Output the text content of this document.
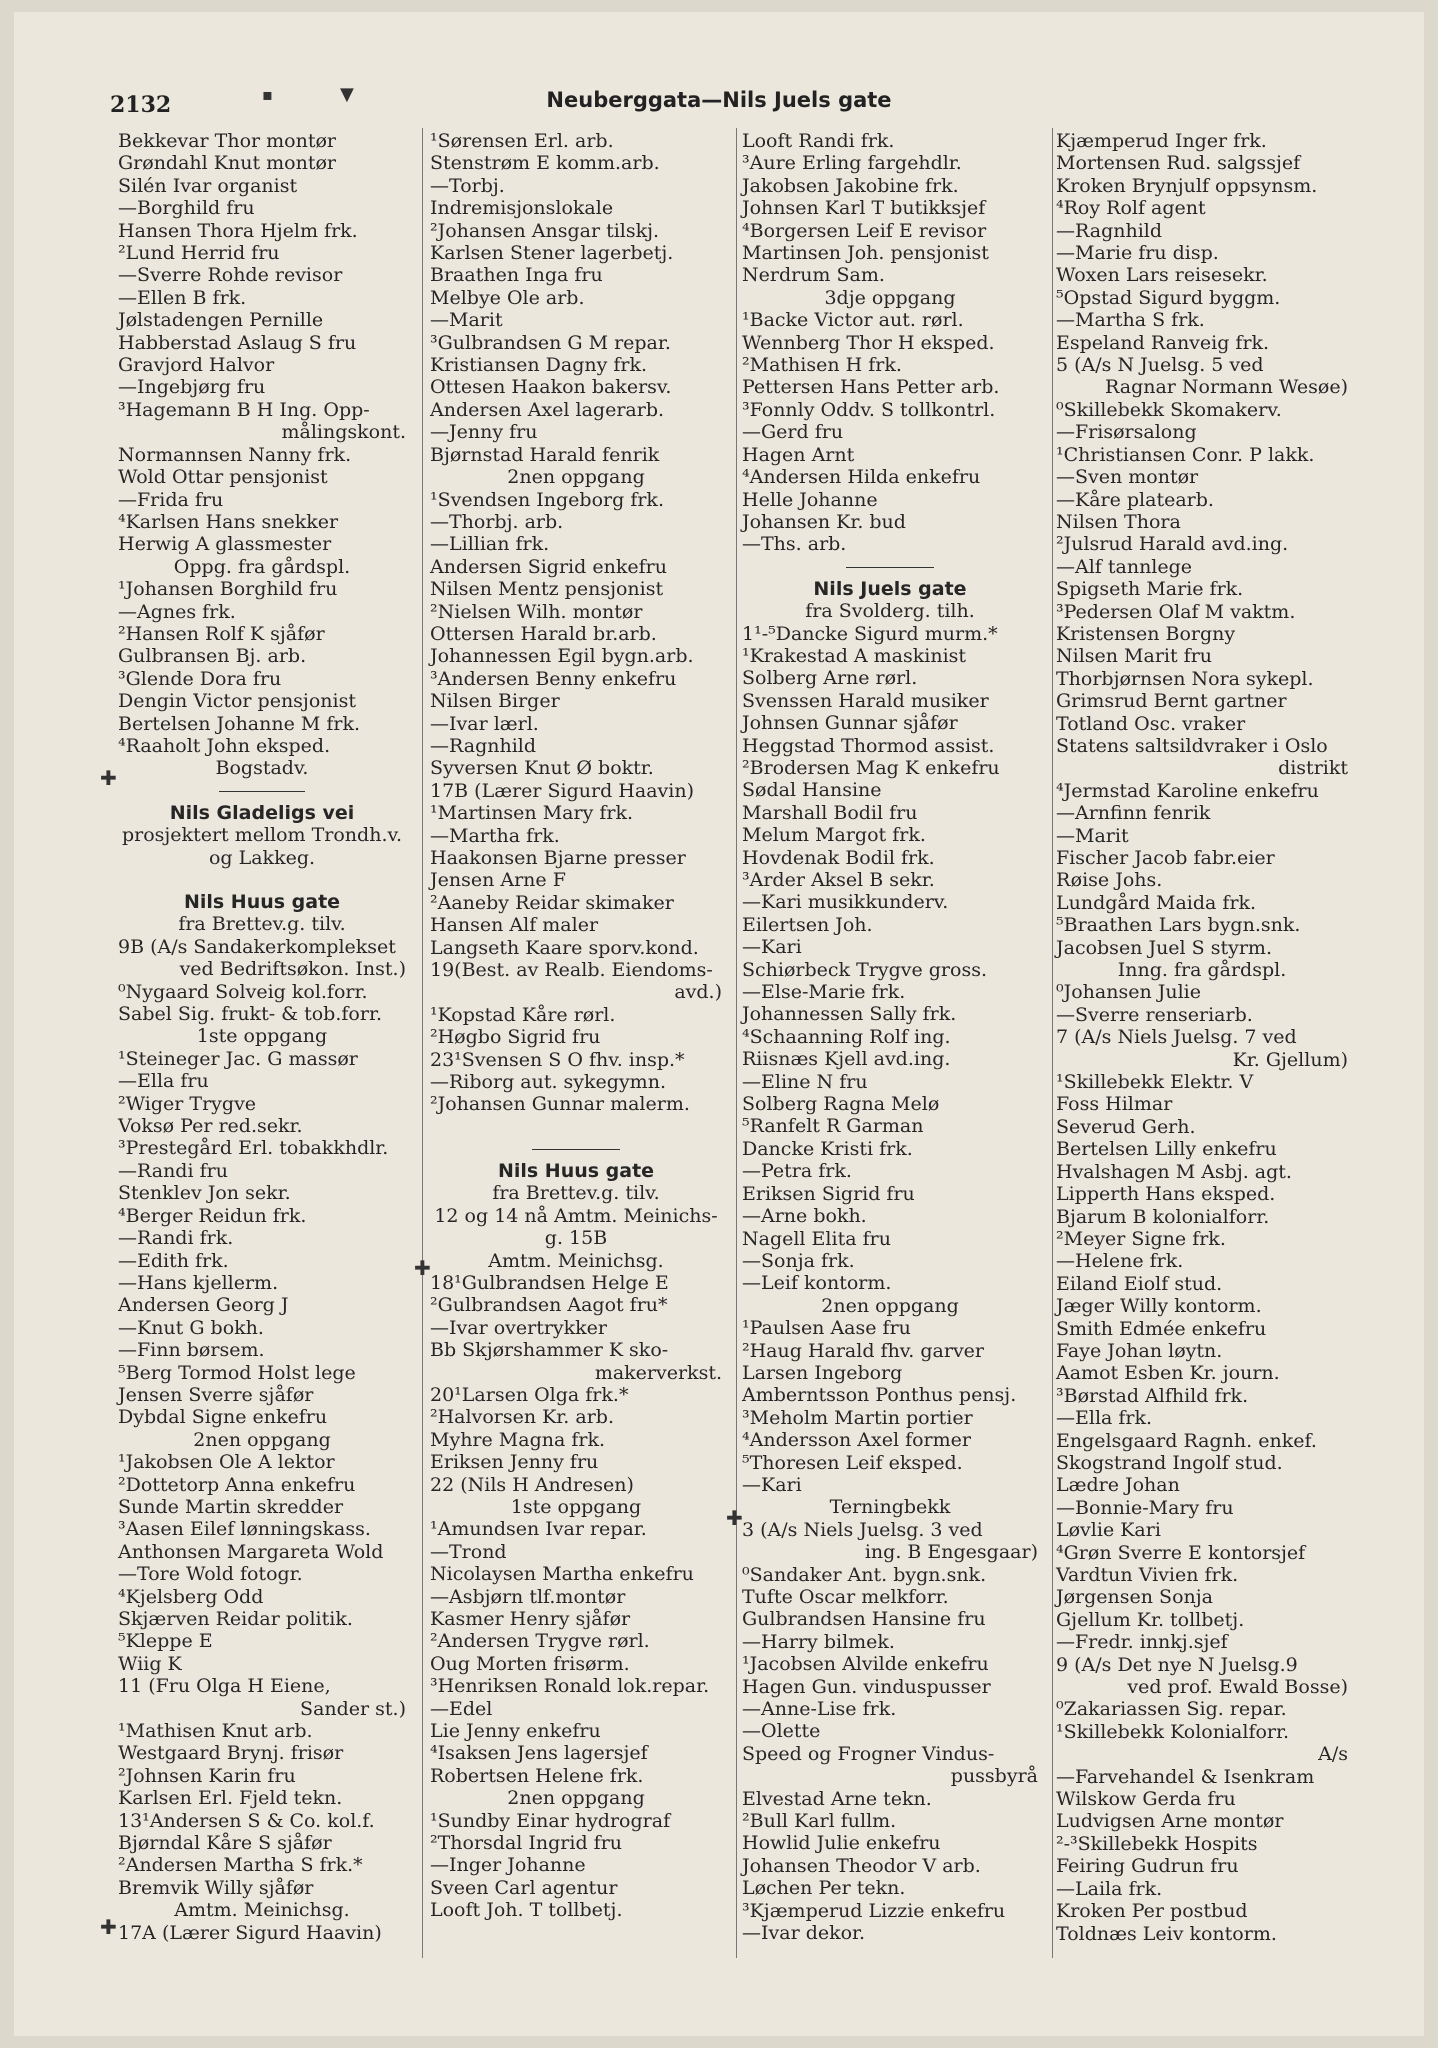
2132	Neuberggata—Nils Juels gate
✚
✚
✚
✚
▪	▼
Bekkevar Thor montør
Grøndahl Knut montør
Silén Ivar organist
—Borghild fru
Hansen Thora Hjelm frk.
²Lund Herrid fru
—Sverre Rohde revisor
—Ellen B frk.
Jølstadengen Pernille
Habberstad Aslaug S fru
Gravjord Halvor
—Ingebjørg fru
³Hagemann B H Ing. Opp-
målingskont.
Normannsen Nanny frk.
Wold Ottar pensjonist
—Frida fru
⁴Karlsen Hans snekker
Herwig A glassmester
Oppg. fra gårdspl.
¹Johansen Borghild fru
—Agnes frk.
²Hansen Rolf K sjåfør
Gulbransen Bj. arb.
³Glende Dora fru
Dengin Victor pensjonist
Bertelsen Johanne M frk.
⁴Raaholt John eksped.
Bogstadv.
Nils Gladeligs vei
prosjektert mellom Trondh.v.
og Lakkeg.
Nils Huus gate
fra Brettev.g. tilv.
9B (A/s Sandakerkomplekset
ved Bedriftsøkon. Inst.)
⁰Nygaard Solveig kol.forr.
Sabel Sig. frukt- & tob.forr.
1ste oppgang
¹Steineger Jac. G massør
—Ella fru
²Wiger Trygve
Voksø Per red.sekr.
³Prestegård Erl. tobakkhdlr.
—Randi fru
Stenklev Jon sekr.
⁴Berger Reidun frk.
—Randi frk.
—Edith frk.
—Hans kjellerm.
Andersen Georg J
—Knut G bokh.
—Finn børsem.
⁵Berg Tormod Holst lege
Jensen Sverre sjåfør
Dybdal Signe enkefru
2nen oppgang
¹Jakobsen Ole A lektor
²Dottetorp Anna enkefru
Sunde Martin skredder
³Aasen Eilef lønningskass.
Anthonsen Margareta Wold
—Tore Wold fotogr.
⁴Kjelsberg Odd
Skjærven Reidar politik.
⁵Kleppe E
Wiig K
11 (Fru Olga H Eiene,
Sander st.)
¹Mathisen Knut arb.
Westgaard Brynj. frisør
²Johnsen Karin fru
Karlsen Erl. Fjeld tekn.
13¹Andersen S & Co. kol.f.
Bjørndal Kåre S sjåfør
²Andersen Martha S frk.*
Bremvik Willy sjåfør
Amtm. Meinichsg.
17A (Lærer Sigurd Haavin)
¹Sørensen Erl. arb.
Stenstrøm E komm.arb.
—Torbj.
Indremisjonslokale
²Johansen Ansgar tilskj.
Karlsen Stener lagerbetj.
Braathen Inga fru
Melbye Ole arb.
—Marit
³Gulbrandsen G M repar.
Kristiansen Dagny frk.
Ottesen Haakon bakersv.
Andersen Axel lagerarb.
—Jenny fru
Bjørnstad Harald fenrik
2nen oppgang
¹Svendsen Ingeborg frk.
—Thorbj. arb.
—Lillian frk.
Andersen Sigrid enkefru
Nilsen Mentz pensjonist
²Nielsen Wilh. montør
Ottersen Harald br.arb.
Johannessen Egil bygn.arb.
³Andersen Benny enkefru
Nilsen Birger
—Ivar lærl.
—Ragnhild
Syversen Knut Ø boktr.
17B (Lærer Sigurd Haavin)
¹Martinsen Mary frk.
—Martha frk.
Haakonsen Bjarne presser
Jensen Arne F
²Aaneby Reidar skimaker
Hansen Alf maler
Langseth Kaare sporv.kond.
19(Best. av Realb. Eiendoms-
avd.)
¹Kopstad Kåre rørl.
²Høgbo Sigrid fru
23¹Svensen S O fhv. insp.*
—Riborg aut. sykegymn.
²Johansen Gunnar malerm.
Nils Huus gate
fra Brettev.g. tilv.
12 og 14 nå Amtm. Meinichs-
g. 15B
Amtm. Meinichsg.
18¹Gulbrandsen Helge E
²Gulbrandsen Aagot fru*
—Ivar overtrykker
Bb Skjørshammer K sko-
makerverkst.
20¹Larsen Olga frk.*
²Halvorsen Kr. arb.
Myhre Magna frk.
Eriksen Jenny fru
22 (Nils H Andresen)
1ste oppgang
¹Amundsen Ivar repar.
—Trond
Nicolaysen Martha enkefru
—Asbjørn tlf.montør
Kasmer Henry sjåfør
²Andersen Trygve rørl.
Oug Morten frisørm.
³Henriksen Ronald lok.repar.
—Edel
Lie Jenny enkefru
⁴Isaksen Jens lagersjef
Robertsen Helene frk.
2nen oppgang
¹Sundby Einar hydrograf
²Thorsdal Ingrid fru
—Inger Johanne
Sveen Carl agentur
Looft Joh. T tollbetj.
Looft Randi frk.
³Aure Erling fargehdlr.
Jakobsen Jakobine frk.
Johnsen Karl T butikksjef
⁴Borgersen Leif E revisor
Martinsen Joh. pensjonist
Nerdrum Sam.
3dje oppgang
¹Backe Victor aut. rørl.
Wennberg Thor H eksped.
²Mathisen H frk.
Pettersen Hans Petter arb.
³Fonnly Oddv. S tollkontrl.
—Gerd fru
Hagen Arnt
⁴Andersen Hilda enkefru
Helle Johanne
Johansen Kr. bud
—Ths. arb.
Nils Juels gate
fra Svolderg. tilh.
1¹-⁵Dancke Sigurd murm.*
¹Krakestad A maskinist
Solberg Arne rørl.
Svenssen Harald musiker
Johnsen Gunnar sjåfør
Heggstad Thormod assist.
²Brodersen Mag K enkefru
Sødal Hansine
Marshall Bodil fru
Melum Margot frk.
Hovdenak Bodil frk.
³Arder Aksel B sekr.
—Kari musikkunderv.
Eilertsen Joh.
—Kari
Schiørbeck Trygve gross.
—Else-Marie frk.
Johannessen Sally frk.
⁴Schaanning Rolf ing.
Riisnæs Kjell avd.ing.
—Eline N fru
Solberg Ragna Melø
⁵Ranfelt R Garman
Dancke Kristi frk.
—Petra frk.
Eriksen Sigrid fru
—Arne bokh.
Nagell Elita fru
—Sonja frk.
—Leif kontorm.
2nen oppgang
¹Paulsen Aase fru
²Haug Harald fhv. garver
Larsen Ingeborg
Amberntsson Ponthus pensj.
³Meholm Martin portier
⁴Andersson Axel former
⁵Thoresen Leif eksped.
—Kari
Terningbekk
3 (A/s Niels Juelsg. 3 ved
ing. B Engesgaar)
⁰Sandaker Ant. bygn.snk.
Tufte Oscar melkforr.
Gulbrandsen Hansine fru
—Harry bilmek.
¹Jacobsen Alvilde enkefru
Hagen Gun. vinduspusser
—Anne-Lise frk.
—Olette
Speed og Frogner Vindus-
pussbyrå
Elvestad Arne tekn.
²Bull Karl fullm.
Howlid Julie enkefru
Johansen Theodor V arb.
Løchen Per tekn.
³Kjæmperud Lizzie enkefru
—Ivar dekor.
Kjæmperud Inger frk.
Mortensen Rud. salgssjef
Kroken Brynjulf oppsynsm.
⁴Roy Rolf agent
—Ragnhild
—Marie fru disp.
Woxen Lars reisesekr.
⁵Opstad Sigurd byggm.
—Martha S frk.
Espeland Ranveig frk.
5 (A/s N Juelsg. 5 ved
Ragnar Normann Wesøe)
⁰Skillebekk Skomakerv.
—Frisørsalong
¹Christiansen Conr. P lakk.
—Sven montør
—Kåre platearb.
Nilsen Thora
²Julsrud Harald avd.ing.
—Alf tannlege
Spigseth Marie frk.
³Pedersen Olaf M vaktm.
Kristensen Borgny
Nilsen Marit fru
Thorbjørnsen Nora sykepl.
Grimsrud Bernt gartner
Totland Osc. vraker
Statens saltsildvraker i Oslo
distrikt
⁴Jermstad Karoline enkefru
—Arnfinn fenrik
—Marit
Fischer Jacob fabr.eier
Røise Johs.
Lundgård Maida frk.
⁵Braathen Lars bygn.snk.
Jacobsen Juel S styrm.
Inng. fra gårdspl.
⁰Johansen Julie
—Sverre renseriarb.
7 (A/s Niels Juelsg. 7 ved
Kr. Gjellum)
¹Skillebekk Elektr. V
Foss Hilmar
Severud Gerh.
Bertelsen Lilly enkefru
Hvalshagen M Asbj. agt.
Lipperth Hans eksped.
Bjarum B kolonialforr.
²Meyer Signe frk.
—Helene frk.
Eiland Eiolf stud.
Jæger Willy kontorm.
Smith Edmée enkefru
Faye Johan løytn.
Aamot Esben Kr. journ.
³Børstad Alfhild frk.
—Ella frk.
Engelsgaard Ragnh. enkef.
Skogstrand Ingolf stud.
Lædre Johan
—Bonnie-Mary fru
Løvlie Kari
⁴Grøn Sverre E kontorsjef
Vardtun Vivien frk.
Jørgensen Sonja
Gjellum Kr. tollbetj.
—Fredr. innkj.sjef
9 (A/s Det nye N Juelsg.9
ved prof. Ewald Bosse)
⁰Zakariassen Sig. repar.
¹Skillebekk Kolonialforr.
A/s
—Farvehandel & Isenkram
Wilskow Gerda fru
Ludvigsen Arne montør
²-³Skillebekk Hospits
Feiring Gudrun fru
—Laila frk.
Kroken Per postbud
Toldnæs Leiv kontorm.
